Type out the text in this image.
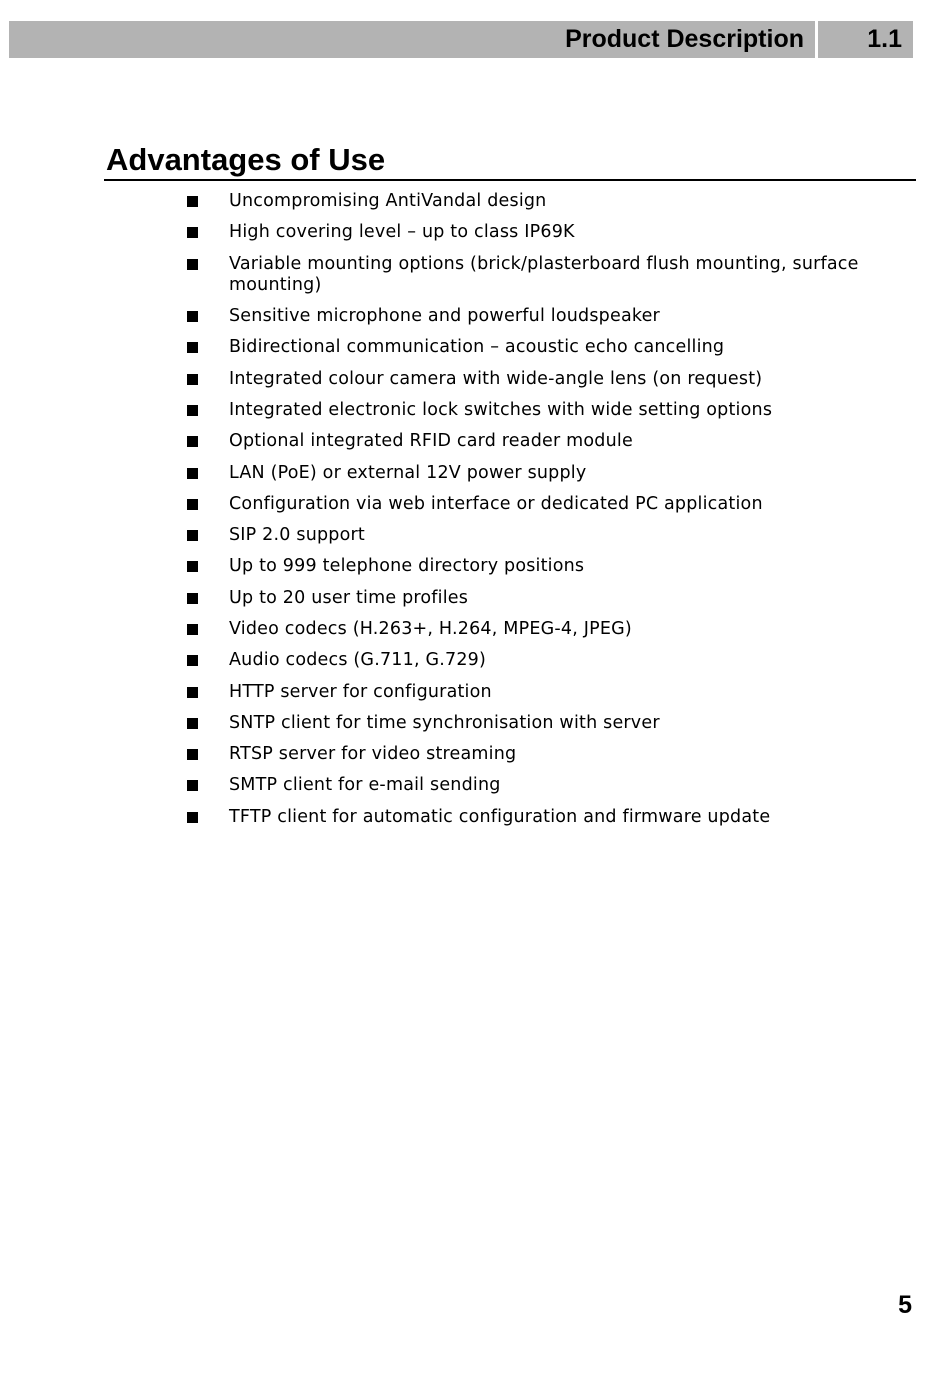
Product Description	1.1
Advantages of Use
Uncompromising AntiVandal design
High covering level – up to class IP69K
Variable mounting options (brick/plasterboard flush mounting, surface mounting)
Sensitive microphone and powerful loudspeaker
Bidirectional communication – acoustic echo cancelling
Integrated colour camera with wide-angle lens (on request)
Integrated electronic lock switches with wide setting options
Optional integrated RFID card reader module
LAN (PoE) or external 12V power supply
Configuration via web interface or dedicated PC application
SIP 2.0 support
Up to 999 telephone directory positions
Up to 20 user time profiles
Video codecs (H.263+, H.264, MPEG-4, JPEG)
Audio codecs (G.711, G.729)
HTTP server for configuration
SNTP client for time synchronisation with server
RTSP server for video streaming
SMTP client for e-mail sending
TFTP client for automatic configuration and firmware update
5
